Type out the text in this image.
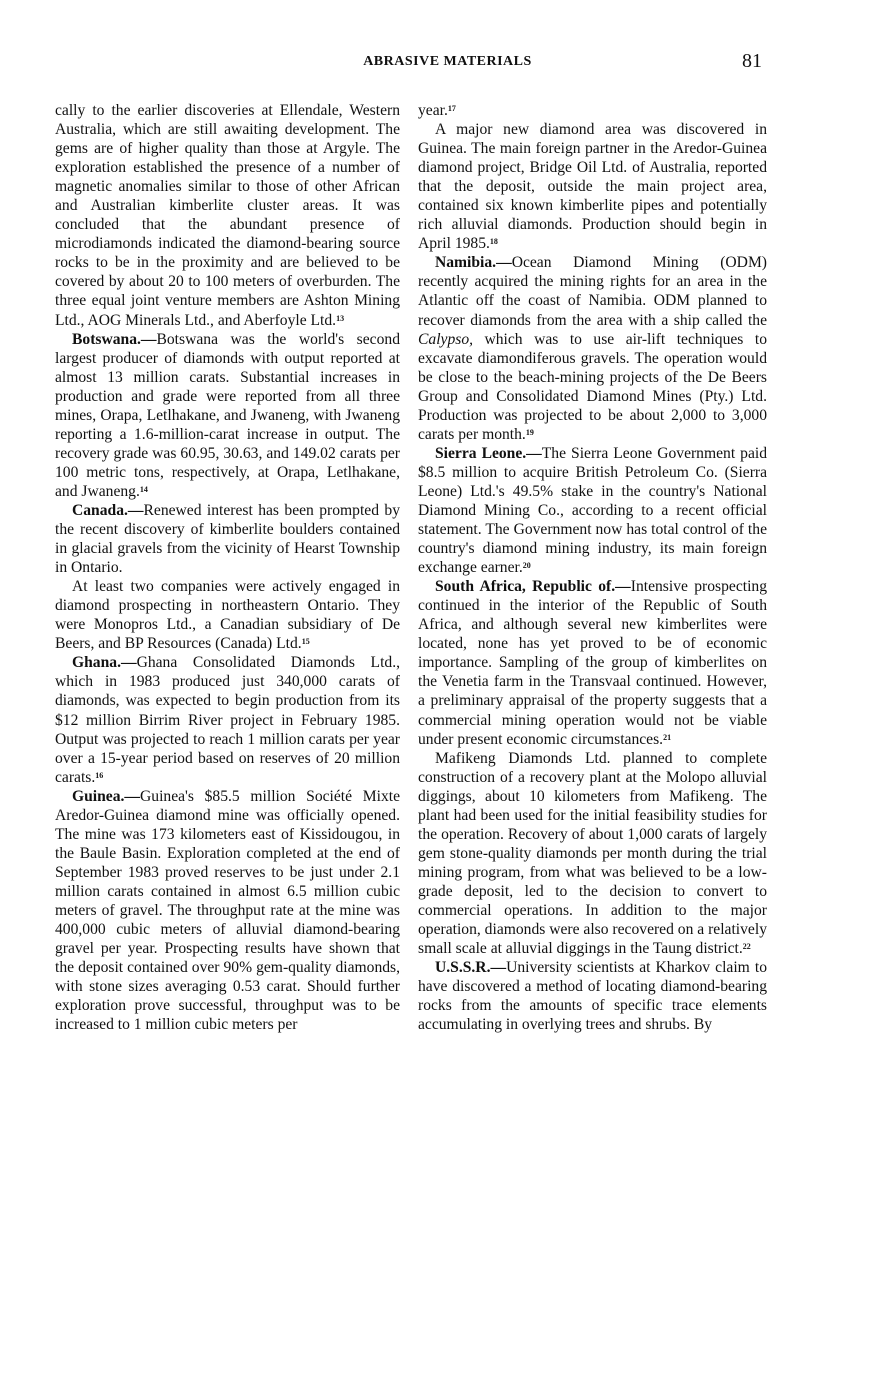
ABRASIVE MATERIALS	81

cally to the earlier discoveries at Ellendale, Western Australia, which are still awaiting development. The gems are of higher quality than those at Argyle. The exploration established the presence of a number of magnetic anomalies similar to those of other African and Australian kimberlite cluster areas. It was concluded that the abundant presence of microdiamonds indicated the diamond-bearing source rocks to be in the proximity and are believed to be covered by about 20 to 100 meters of overburden. The three equal joint venture members are Ashton Mining Ltd., AOG Minerals Ltd., and Aberfoyle Ltd.$^{13}$

Botswana.—Botswana was the world's second largest producer of diamonds with output reported at almost 13 million carats. Substantial increases in production and grade were reported from all three mines, Orapa, Letlhakane, and Jwaneng, with Jwaneng reporting a 1.6-million-carat increase in output. The recovery grade was 60.95, 30.63, and 149.02 carats per 100 metric tons, respectively, at Orapa, Letlhakane, and Jwaneng.$^{14}$

Canada.—Renewed interest has been prompted by the recent discovery of kimberlite boulders contained in glacial gravels from the vicinity of Hearst Township in Ontario.

At least two companies were actively engaged in diamond prospecting in northeastern Ontario. They were Monopros Ltd., a Canadian subsidiary of De Beers, and BP Resources (Canada) Ltd.$^{15}$

Ghana.—Ghana Consolidated Diamonds Ltd., which in 1983 produced just 340,000 carats of diamonds, was expected to begin production from its $12 million Birrim River project in February 1985. Output was projected to reach 1 million carats per year over a 15-year period based on reserves of 20 million carats.$^{16}$

Guinea.—Guinea's $85.5 million Société Mixte Aredor-Guinea diamond mine was officially opened. The mine was 173 kilometers east of Kissidougou, in the Baule Basin. Exploration completed at the end of September 1983 proved reserves to be just under 2.1 million carats contained in almost 6.5 million cubic meters of gravel. The throughput rate at the mine was 400,000 cubic meters of alluvial diamond-bearing gravel per year. Prospecting results have shown that the deposit contained over 90% gem-quality diamonds, with stone sizes averaging 0.53 carat. Should further exploration prove successful, throughput was to be increased to 1 million cubic meters per

year.$^{17}$

A major new diamond area was discovered in Guinea. The main foreign partner in the Aredor-Guinea diamond project, Bridge Oil Ltd. of Australia, reported that the deposit, outside the main project area, contained six known kimberlite pipes and potentially rich alluvial diamonds. Production should begin in April 1985.18

Namibia.—Ocean Diamond Mining (ODM) recently acquired the mining rights for an area in the Atlantic off the coast of Namibia. ODM planned to recover diamonds from the area with a ship called the Calypso, which was to use air-lift techniques to excavate diamondiferous gravels. The operation would be close to the beach-mining projects of the De Beers Group and Consolidated Diamond Mines (Pty.) Ltd. Production was projected to be about 2,000 to 3,000 carats per month.$^{19}$

Sierra Leone.—The Sierra Leone Government paid $8.5 million to acquire British Petroleum Co. (Sierra Leone) Ltd.'s 49.5% stake in the country's National Diamond Mining Co., according to a recent official statement. The Government now has total control of the country's diamond mining industry, its main foreign exchange earner.$^{20}$

South Africa, Republic of.—Intensive prospecting continued in the interior of the Republic of South Africa, and although several new kimberlites were located, none has yet proved to be of economic importance. Sampling of the group of kimberlites on the Venetia farm in the Transvaal continued. However, a preliminary appraisal of the property suggests that a commercial mining operation would not be viable under present economic circumstances.$^{21}$

Mafikeng Diamonds Ltd. planned to complete construction of a recovery plant at the Molopo alluvial diggings, about 10 kilometers from Mafikeng. The plant had been used for the initial feasibility studies for the operation. Recovery of about 1,000 carats of largely gem stone-quality diamonds per month during the trial mining program, from what was believed to be a low-grade deposit, led to the decision to convert to commercial operations. In addition to the major operation, diamonds were also recovered on a relatively small scale at alluvial diggings in the Taung district.$^{22}$

U.S.S.R.—University scientists at Kharkov claim to have discovered a method of locating diamond-bearing rocks from the amounts of specific trace elements accumulating in overlying trees and shrubs. By
